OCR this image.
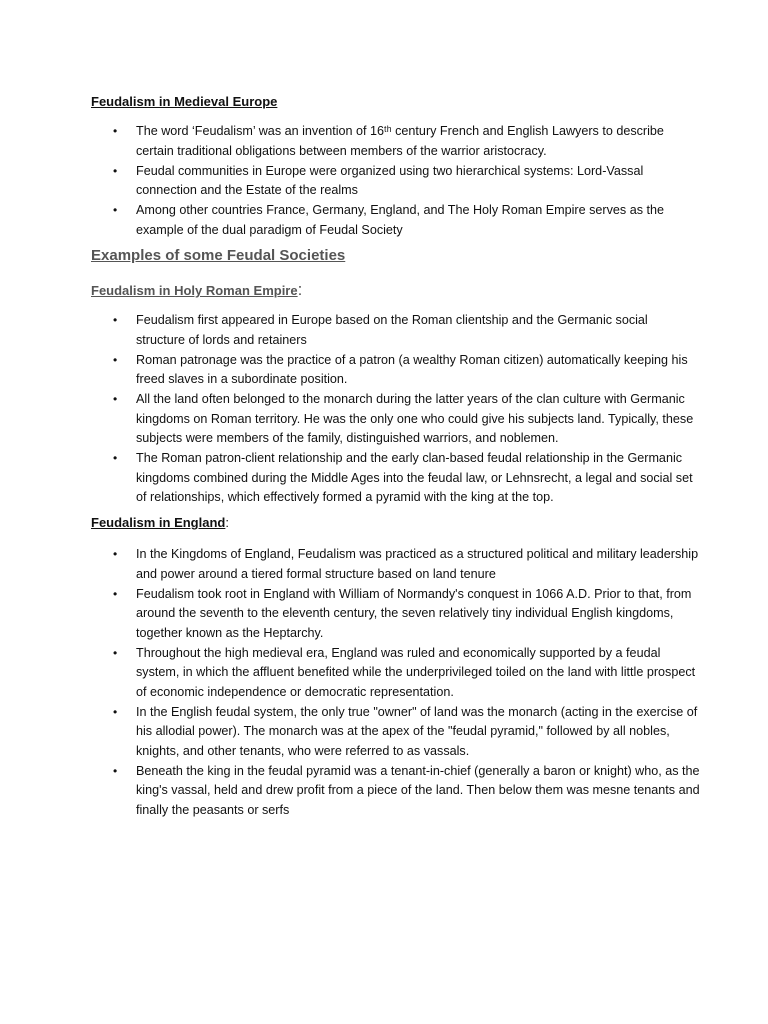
Feudalism in Medieval Europe
• The word ‘Feudalism’ was an invention of 16ᵗʰ century French and English Lawyers to describe certain traditional obligations between members of the warrior aristocracy.
• Feudal communities in Europe were organized using two hierarchical systems: Lord-Vassal connection and the Estate of the realms
• Among other countries France, Germany, England, and The Holy Roman Empire serves as the example of the dual paradigm of Feudal Society
Examples of some Feudal Societies
Feudalism in Holy Roman Empire:
• Feudalism first appeared in Europe based on the Roman clientship and the Germanic social structure of lords and retainers
• Roman patronage was the practice of a patron (a wealthy Roman citizen) automatically keeping his freed slaves in a subordinate position.
• All the land often belonged to the monarch during the latter years of the clan culture with Germanic kingdoms on Roman territory. He was the only one who could give his subjects land. Typically, these subjects were members of the family, distinguished warriors, and noblemen.
• The Roman patron-client relationship and the early clan-based feudal relationship in the Germanic kingdoms combined during the Middle Ages into the feudal law, or Lehnsrecht, a legal and social set of relationships, which effectively formed a pyramid with the king at the top.
Feudalism in England:
• In the Kingdoms of England, Feudalism was practiced as a structured political and military leadership and power around a tiered formal structure based on land tenure
• Feudalism took root in England with William of Normandy's conquest in 1066 A.D. Prior to that, from around the seventh to the eleventh century, the seven relatively tiny individual English kingdoms, together known as the Heptarchy.
• Throughout the high medieval era, England was ruled and economically supported by a feudal system, in which the affluent benefited while the underprivileged toiled on the land with little prospect of economic independence or democratic representation.
• In the English feudal system, the only true "owner" of land was the monarch (acting in the exercise of his allodial power). The monarch was at the apex of the "feudal pyramid," followed by all nobles, knights, and other tenants, who were referred to as vassals.
• Beneath the king in the feudal pyramid was a tenant-in-chief (generally a baron or knight) who, as the king's vassal, held and drew profit from a piece of the land. Then below them was mesne tenants and finally the peasants or serfs
